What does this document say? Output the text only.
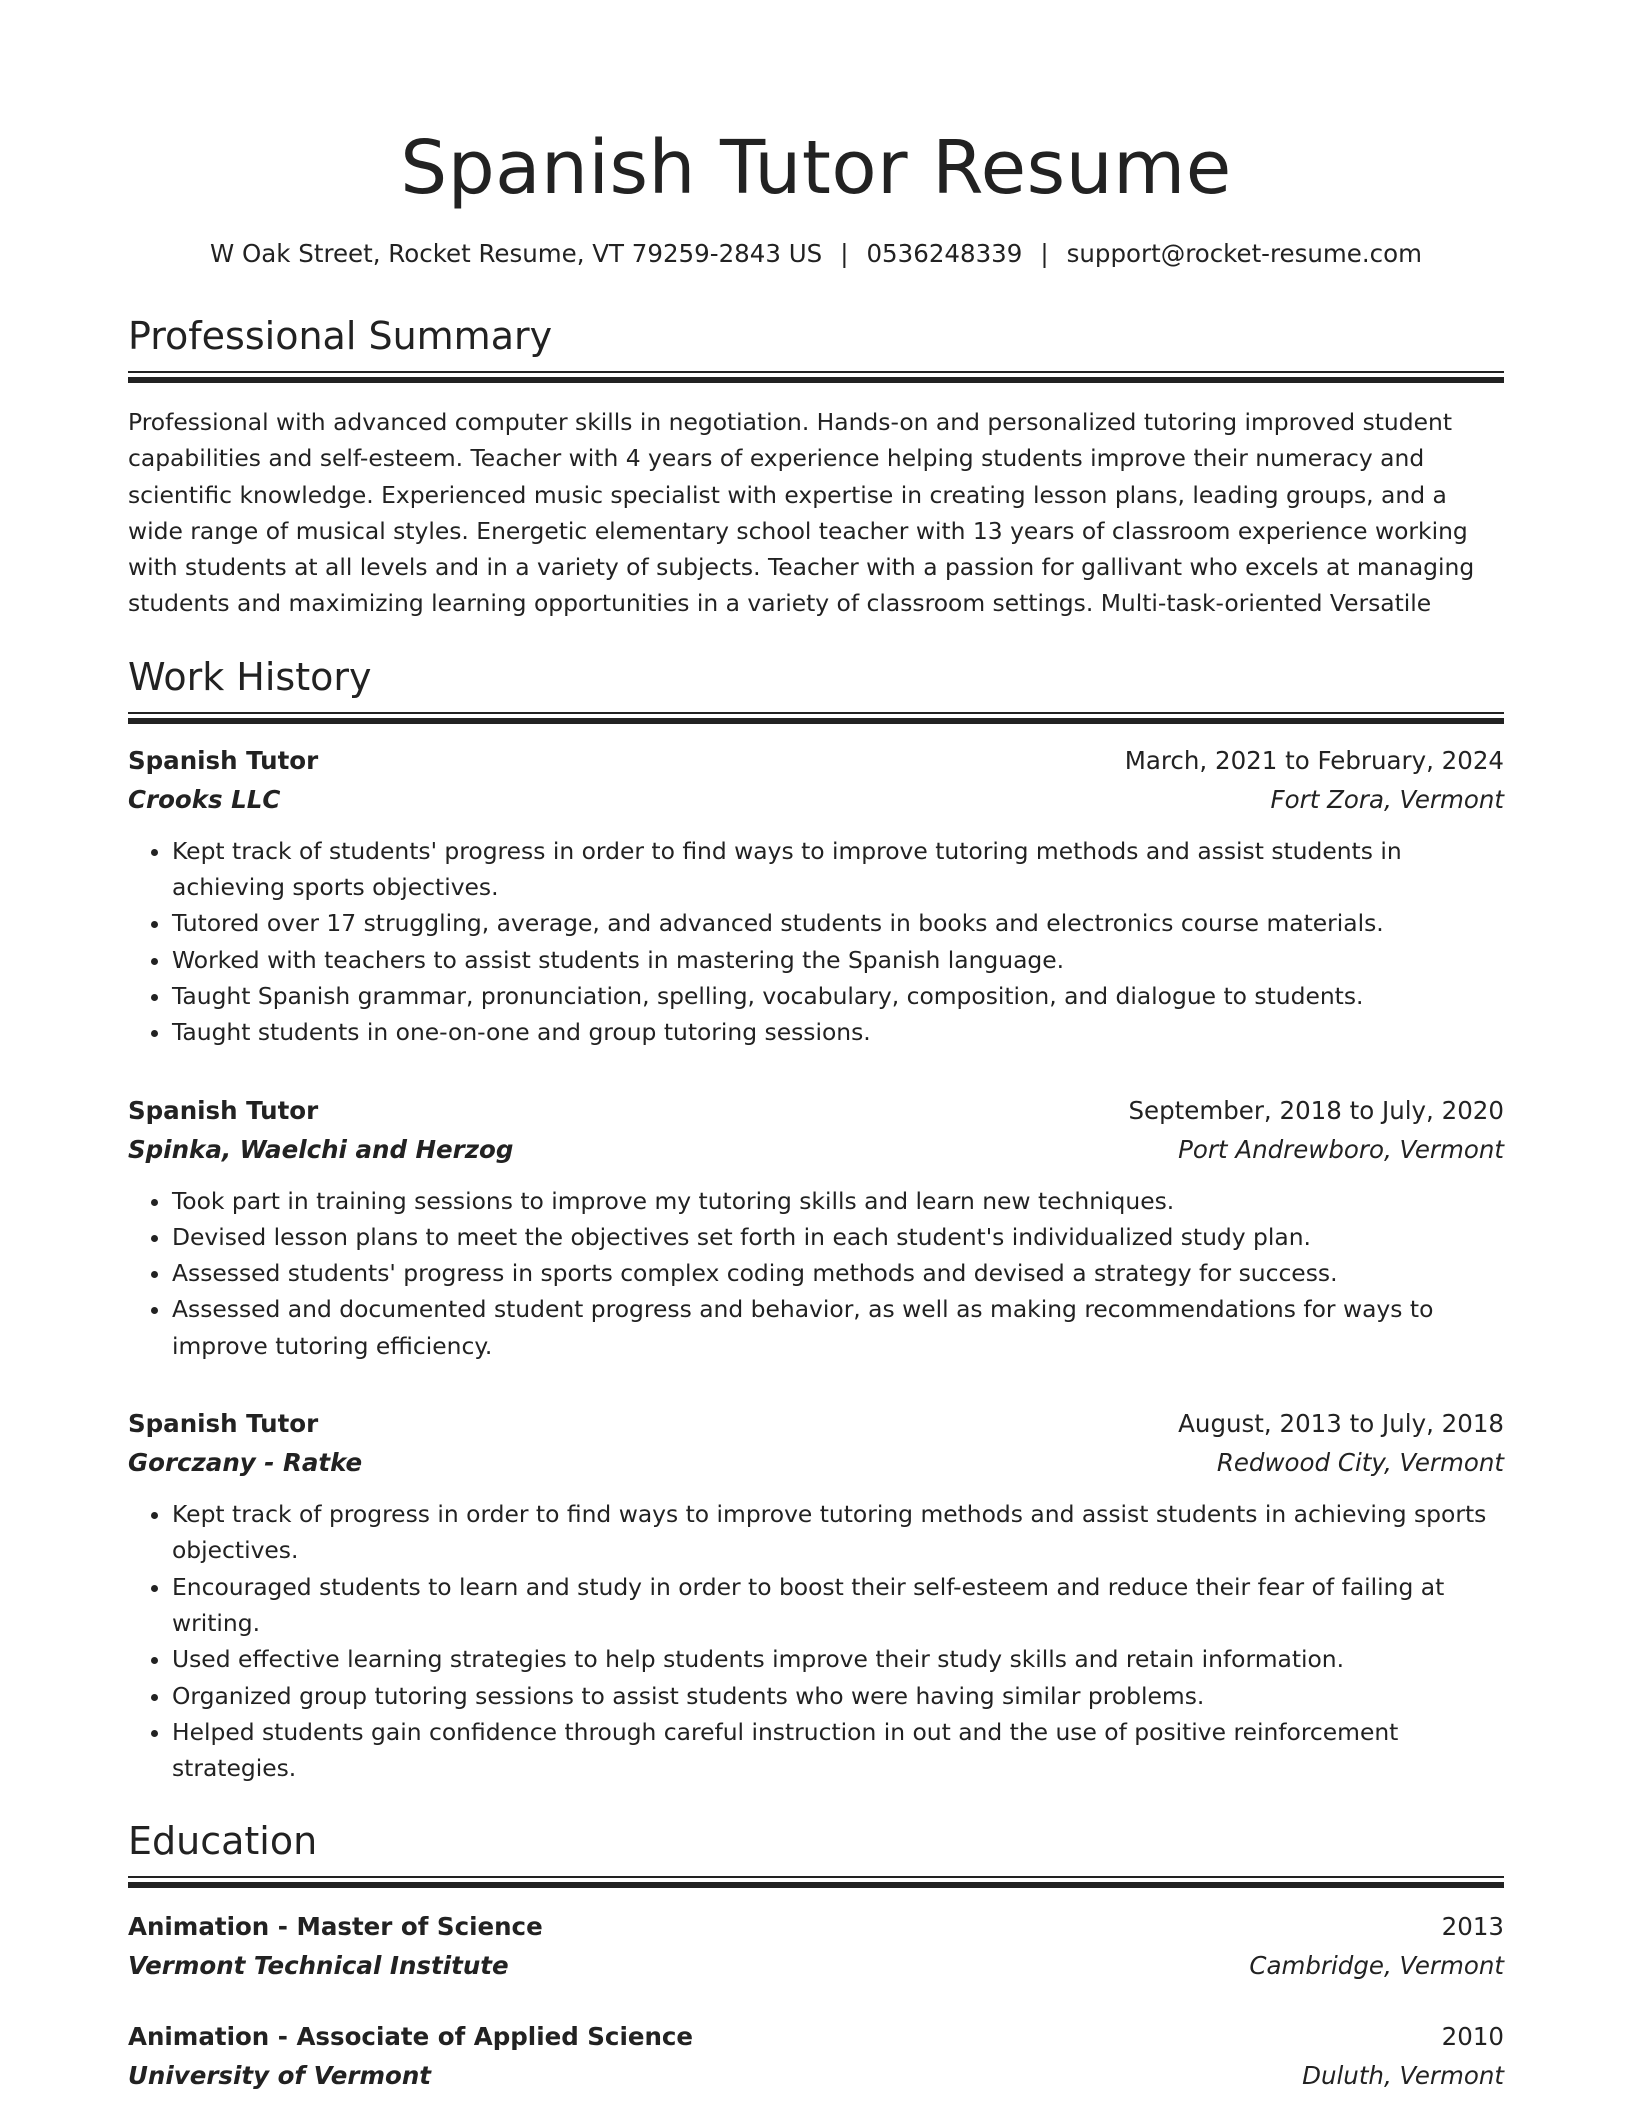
Spanish Tutor Resume
W Oak Street, Rocket Resume, VT 79259-2843 US | 0536248339 | support@rocket-resume.com
Professional Summary

Professional with advanced computer skills in negotiation. Hands-on and personalized tutoring improved student capabilities and self-esteem. Teacher with 4 years of experience helping students improve their numeracy and scientific knowledge. Experienced music specialist with expertise in creating lesson plans, leading groups, and a wide range of musical styles. Energetic elementary school teacher with 13 years of classroom experience working with students at all levels and in a variety of subjects. Teacher with a passion for gallivant who excels at managing students and maximizing learning opportunities in a variety of classroom settings. Multi-task-oriented Versatile

Work History
Spanish Tutor	March, 2021 to February, 2024
Crooks LLC	Fort Zora, Vermont
• Kept track of students' progress in order to find ways to improve tutoring methods and assist students in achieving sports objectives.
• Tutored over 17 struggling, average, and advanced students in books and electronics course materials.
• Worked with teachers to assist students in mastering the Spanish language.
• Taught Spanish grammar, pronunciation, spelling, vocabulary, composition, and dialogue to students.
• Taught students in one-on-one and group tutoring sessions.
Spanish Tutor	September, 2018 to July, 2020
Spinka, Waelchi and Herzog	Port Andrewboro, Vermont
• Took part in training sessions to improve my tutoring skills and learn new techniques.
• Devised lesson plans to meet the objectives set forth in each student's individualized study plan.
• Assessed students' progress in sports complex coding methods and devised a strategy for success.
• Assessed and documented student progress and behavior, as well as making recommendations for ways to improve tutoring efficiency.
Spanish Tutor	August, 2013 to July, 2018
Gorczany - Ratke	Redwood City, Vermont
• Kept track of progress in order to find ways to improve tutoring methods and assist students in achieving sports objectives.
• Encouraged students to learn and study in order to boost their self-esteem and reduce their fear of failing at writing.
• Used effective learning strategies to help students improve their study skills and retain information.
• Organized group tutoring sessions to assist students who were having similar problems.
• Helped students gain confidence through careful instruction in out and the use of positive reinforcement strategies.
Education
Animation - Master of Science	2013
Vermont Technical Institute	Cambridge, Vermont
Animation - Associate of Applied Science	2010
University of Vermont	Duluth, Vermont
